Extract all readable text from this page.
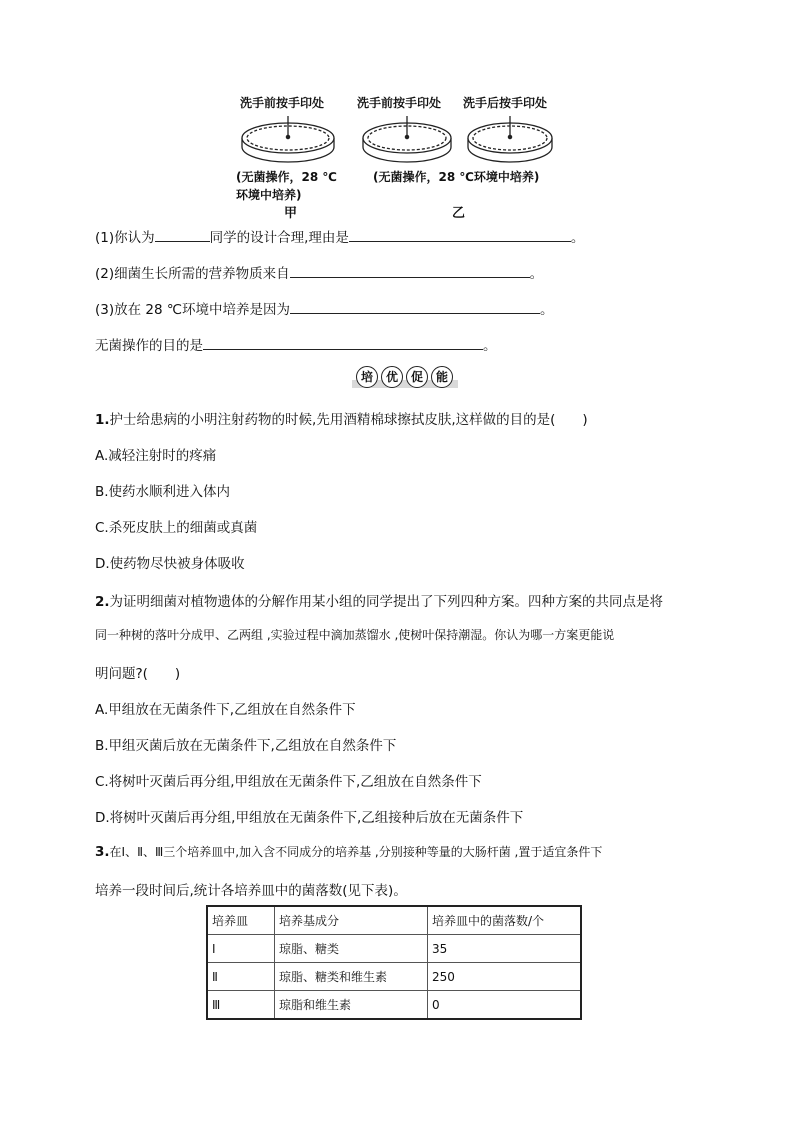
洗手前按手印处	洗手前按手印处 洗手后按手印处
(无菌操作，28 ℃
环境中培养)
(无菌操作，28 ℃环境中培养)
甲	乙
(1)你认为	同学的设计合理,理由是	。
(2)细菌生长所需的营养物质来自	。
(3)放在 28 ℃环境中培养是因为	。
无菌操作的目的是	。
培	优	促	能
1.护士给患病的小明注射药物的时候,先用酒精棉球擦拭皮肤,这样做的目的是(　　)
A.减轻注射时的疼痛
B.使药水顺利进入体内
C.杀死皮肤上的细菌或真菌
D.使药物尽快被身体吸收
2.为证明细菌对植物遗体的分解作用某小组的同学提出了下列四种方案。四种方案的共同点是将
同一种树的落叶分成甲、乙两组 ,实验过程中滴加蒸馏水 ,使树叶保持潮湿。你认为哪一方案更能说
明问题?(　　)
A.甲组放在无菌条件下,乙组放在自然条件下
B.甲组灭菌后放在无菌条件下,乙组放在自然条件下
C.将树叶灭菌后再分组,甲组放在无菌条件下,乙组放在自然条件下
D.将树叶灭菌后再分组,甲组放在无菌条件下,乙组接种后放在无菌条件下
3.在Ⅰ、Ⅱ、Ⅲ三个培养皿中,加入含不同成分的培养基 ,分别接种等量的大肠杆菌 ,置于适宜条件下
培养一段时间后,统计各培养皿中的菌落数(见下表)。
培养皿	培养基成分	培养皿中的菌落数/个
Ⅰ	琼脂、糖类	35
Ⅱ	琼脂、糖类和维生素	250
Ⅲ	琼脂和维生素	0
